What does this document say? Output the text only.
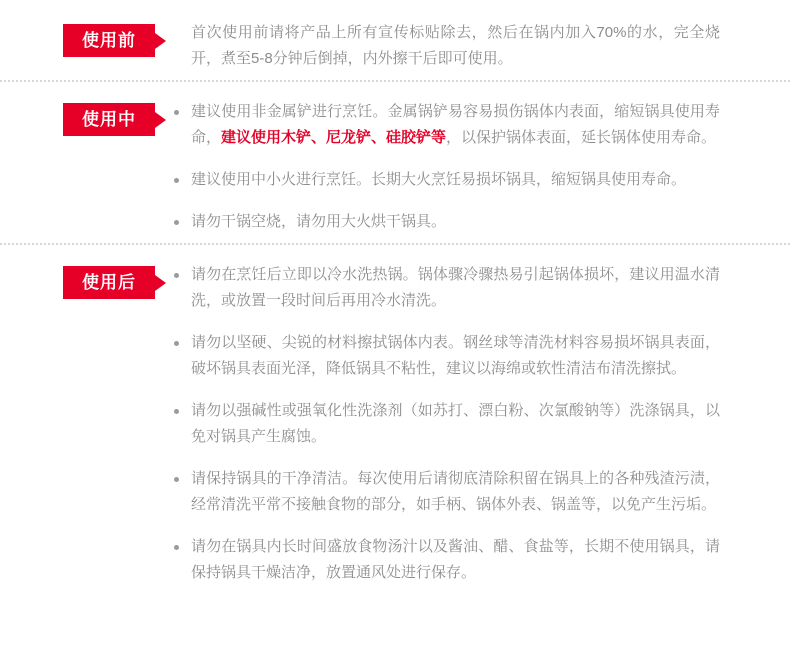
使用前	首次使用前请将产品上所有宣传标贴除去，然后在锅内加入70%的水，完全烧开，煮至5-8分钟后倒掉，内外擦干后即可使用。

使用中	建议使用非金属铲进行烹饪。金属锅铲易容易损伤锅体内表面，缩短锅具使用寿命，建议使用木铲、尼龙铲、硅胶铲等，以保护锅体表面，延长锅体使用寿命。

建议使用中小火进行烹饪。长期大火烹饪易损坏锅具，缩短锅具使用寿命。

请勿干锅空烧，请勿用大火烘干锅具。

使用后	请勿在烹饪后立即以冷水洗热锅。锅体骤冷骤热易引起锅体损坏，建议用温水清洗，或放置一段时间后再用冷水清洗。

请勿以坚硬、尖锐的材料擦拭锅体内表。钢丝球等清洗材料容易损坏锅具表面，破坏锅具表面光泽，降低锅具不粘性，建议以海绵或软性清洁布清洗擦拭。

请勿以强碱性或强氧化性洗涤剂（如苏打、漂白粉、次氯酸钠等）洗涤锅具，以免对锅具产生腐蚀。

请保持锅具的干净清洁。每次使用后请彻底清除积留在锅具上的各种残渣污渍，经常清洗平常不接触食物的部分，如手柄、锅体外表、锅盖等，以免产生污垢。

请勿在锅具内长时间盛放食物汤汁以及酱油、醋、食盐等，长期不使用锅具，请保持锅具干燥洁净，放置通风处进行保存。
